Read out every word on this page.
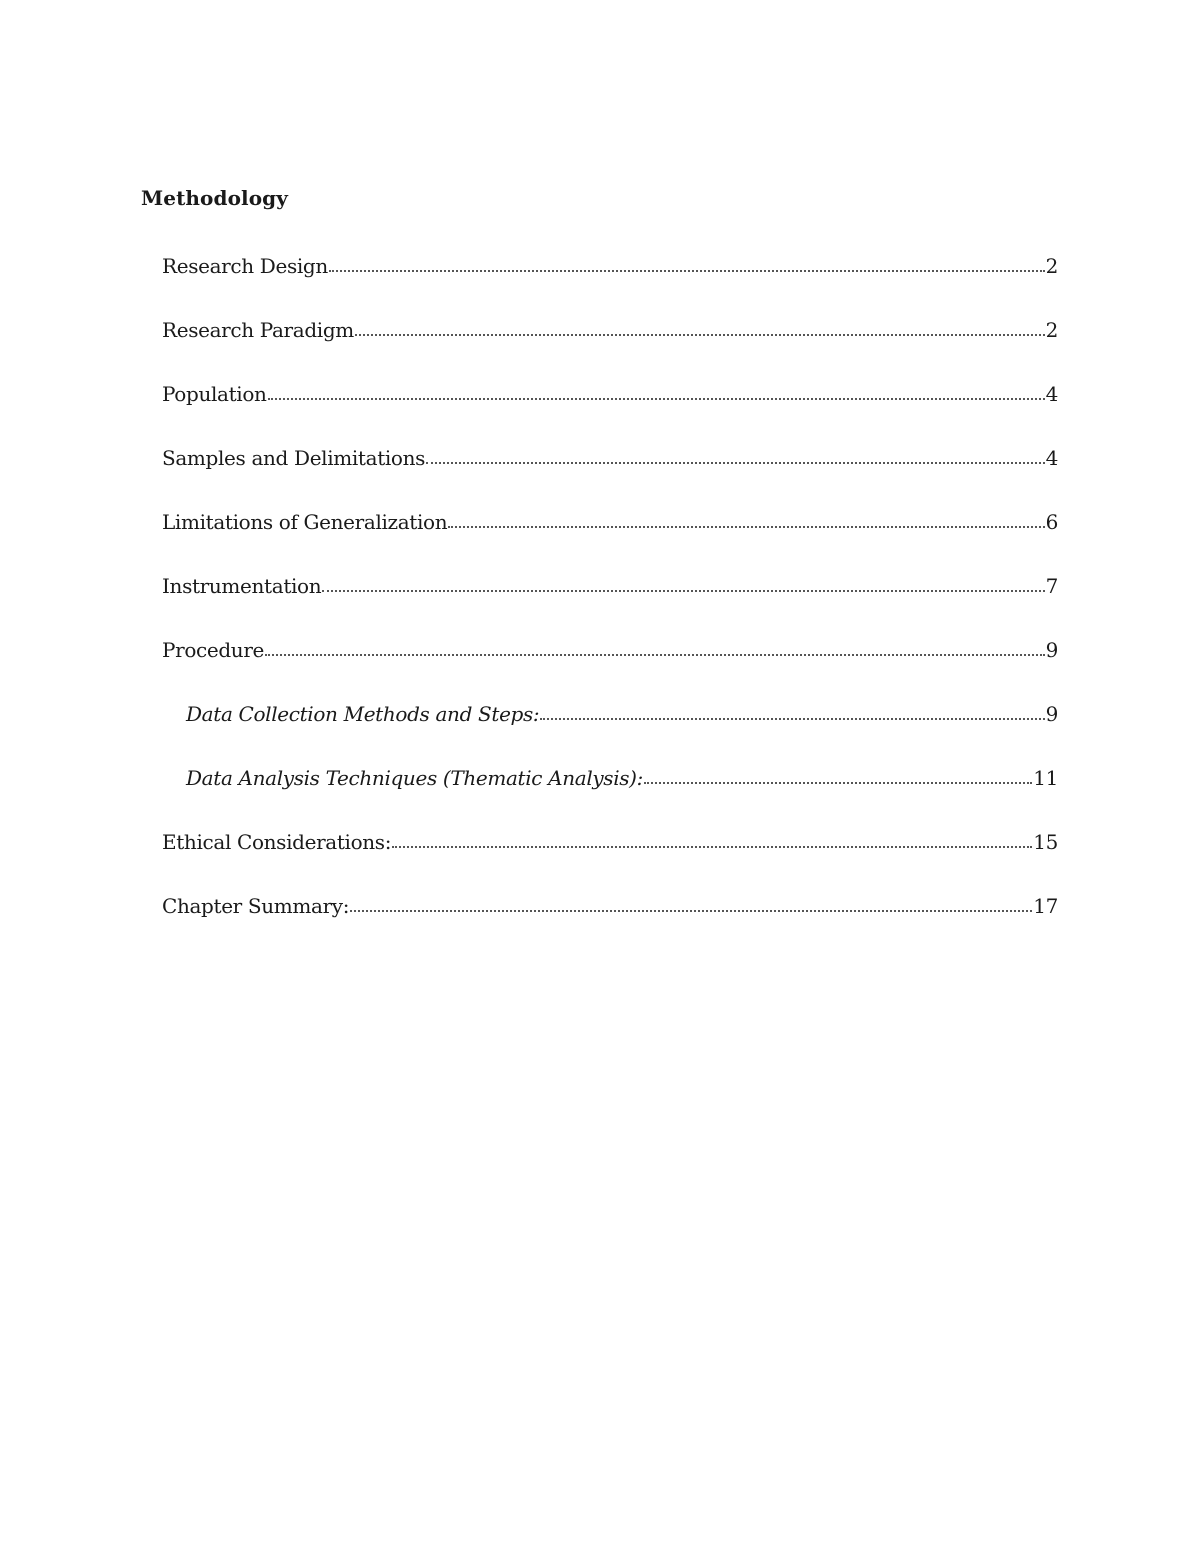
Methodology
Research Design	2
Research Paradigm	2
Population	4
Samples and Delimitations	4
Limitations of Generalization	6
Instrumentation	7
Procedure	9
Data Collection Methods and Steps:	9
Data Analysis Techniques (Thematic Analysis):	11
Ethical Considerations:	15
Chapter Summary:	17
